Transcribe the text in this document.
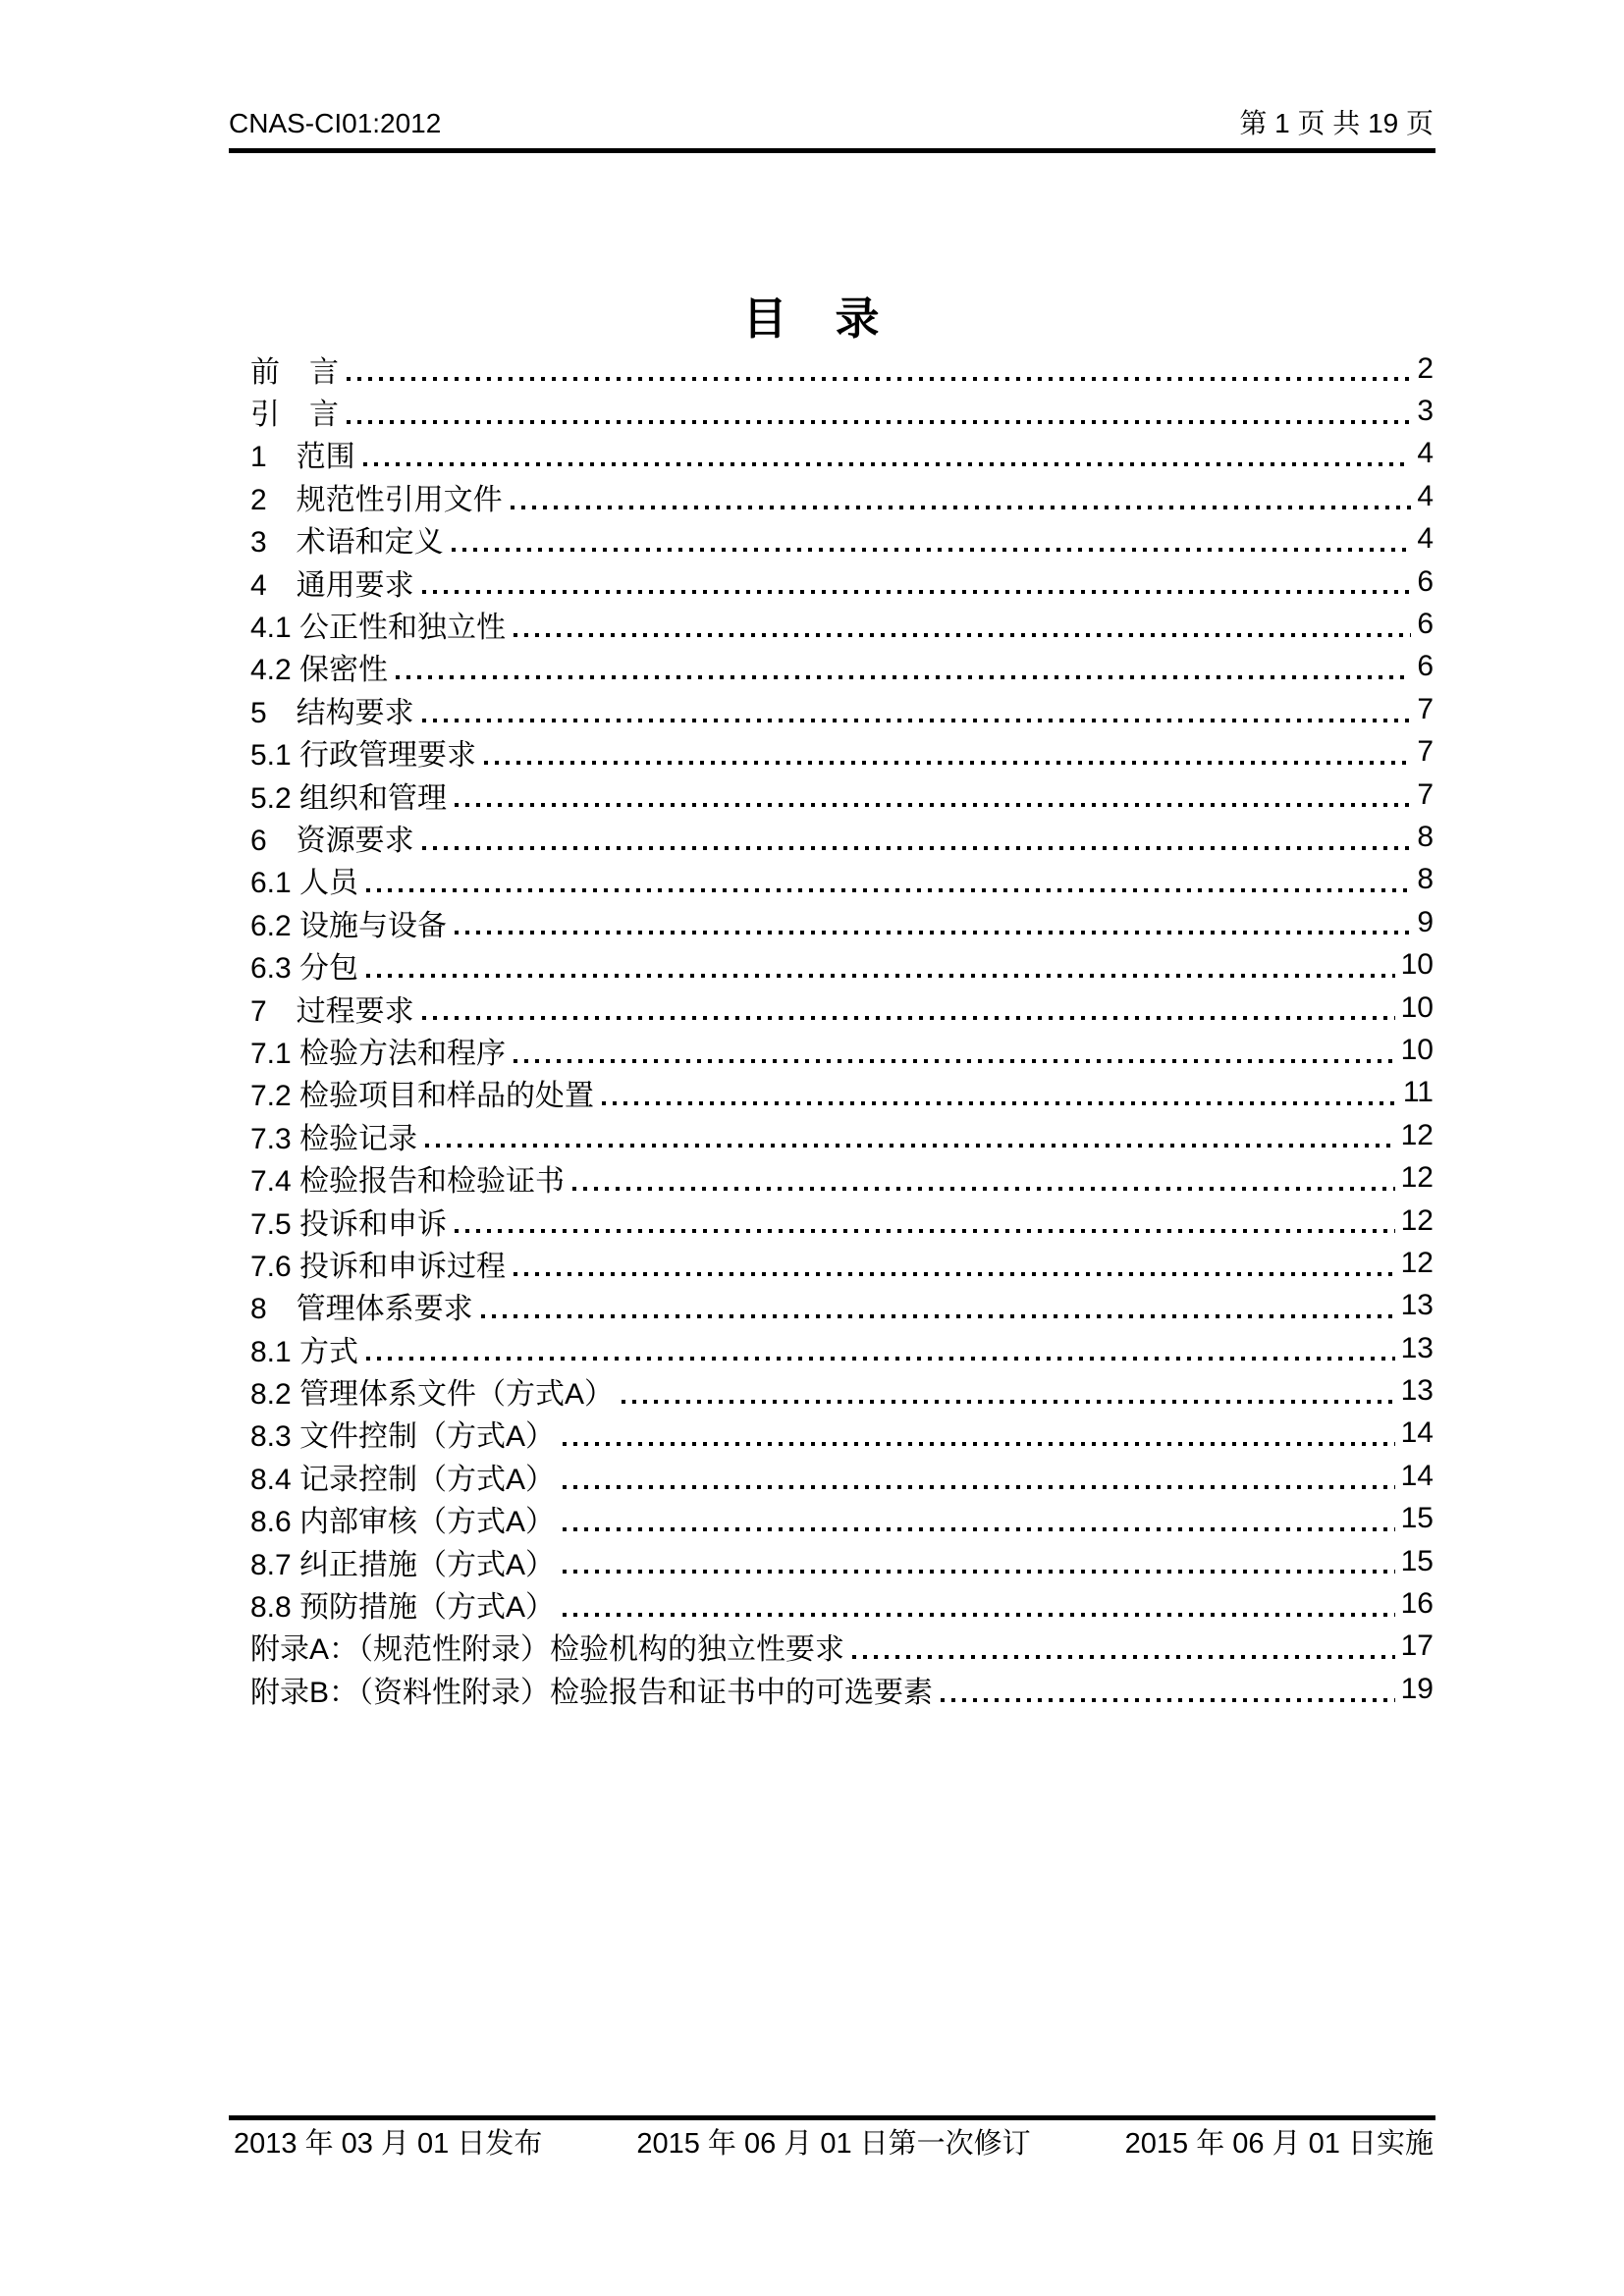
CNAS-CI01:2012	第 1 页 共 19 页
目　录
前　言	2
引　言	3
1　范围	4
2　规范性引用文件	4
3　术语和定义	4
4　通用要求	6
4.1 公正性和独立性	6
4.2 保密性	6
5　结构要求	7
5.1 行政管理要求	7
5.2 组织和管理	7
6　资源要求	8
6.1 人员	8
6.2 设施与设备	9
6.3 分包	10
7　过程要求	10
7.1 检验方法和程序	10
7.2 检验项目和样品的处置	11
7.3 检验记录	12
7.4 检验报告和检验证书	12
7.5 投诉和申诉	12
7.6 投诉和申诉过程	12
8　管理体系要求	13
8.1 方式	13
8.2 管理体系文件（方式A）	13
8.3 文件控制（方式A）	14
8.4 记录控制（方式A）	14
8.6 内部审核（方式A）	15
8.7 纠正措施（方式A）	15
8.8 预防措施（方式A）	16
附录A：（规范性附录）检验机构的独立性要求	17
附录B：（资料性附录）检验报告和证书中的可选要素	19
2013 年 03 月 01 日发布	2015 年 06 月 01 日第一次修订	2015 年 06 月 01 日实施
